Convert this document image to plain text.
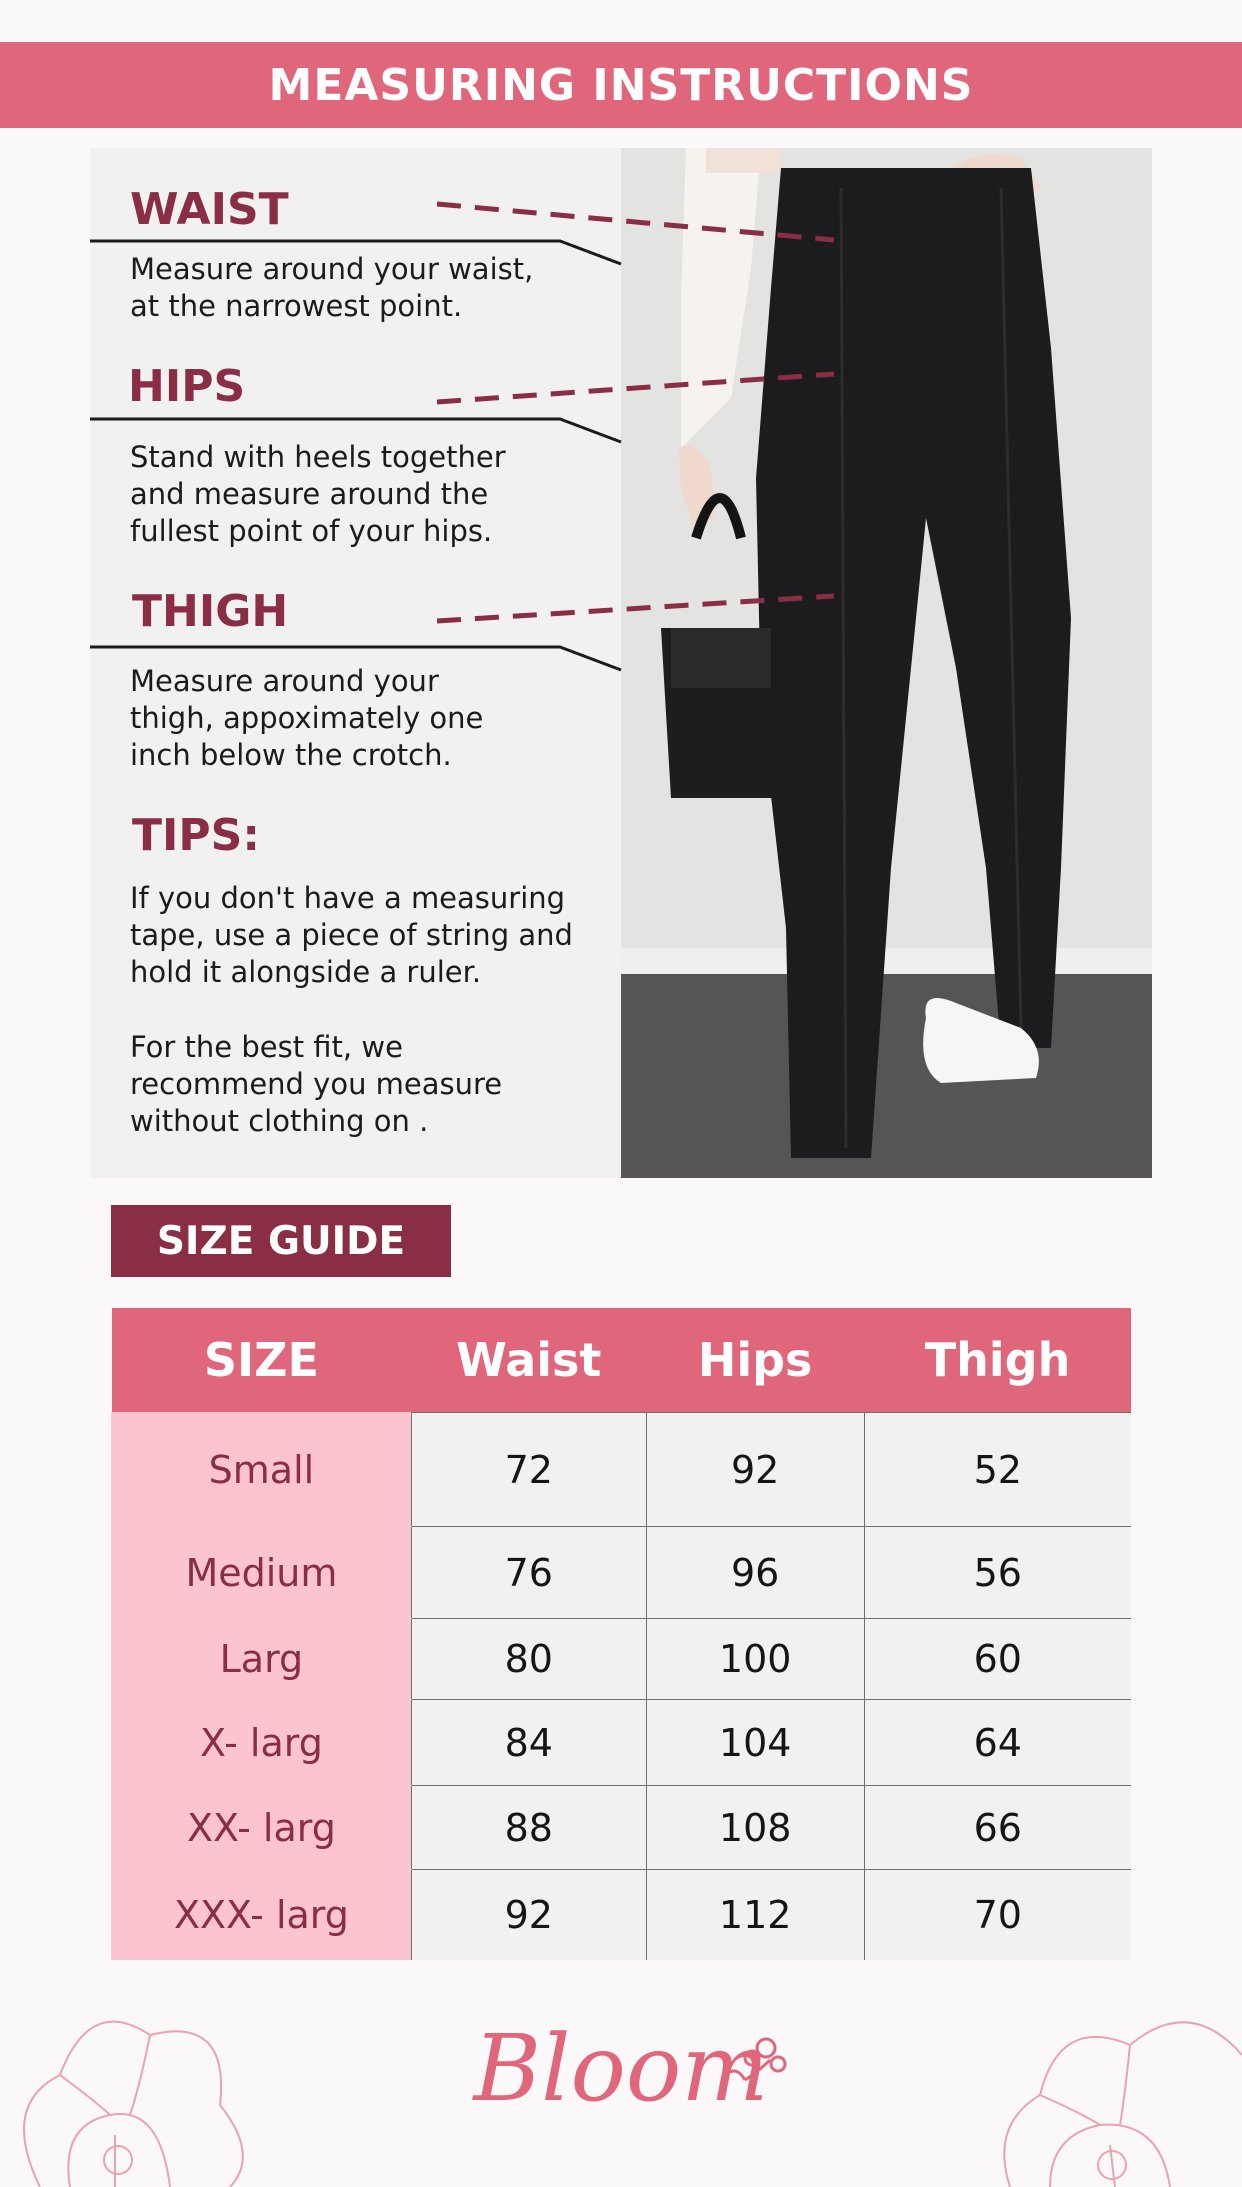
MEASURING INSTRUCTIONS
WAIST
Measure around your waist,
at the narrowest point.
HIPS
Stand with heels together
and measure around the
fullest point of your hips.
THIGH
Measure around your
thigh, appoximately one
inch below the crotch.
TIPS:
If you don't have a measuring
tape, use a piece of string and
hold it alongside a ruler.
For the best fit, we
recommend you measure
without clothing on .
SIZE GUIDE
SIZE	Waist	Hips	Thigh
Small	72	92	52
Medium	76	96	56
Larg	80	100	60
X- larg	84	104	64
XX- larg	88	108	66
XXX- larg	92	112	70
Bloom
